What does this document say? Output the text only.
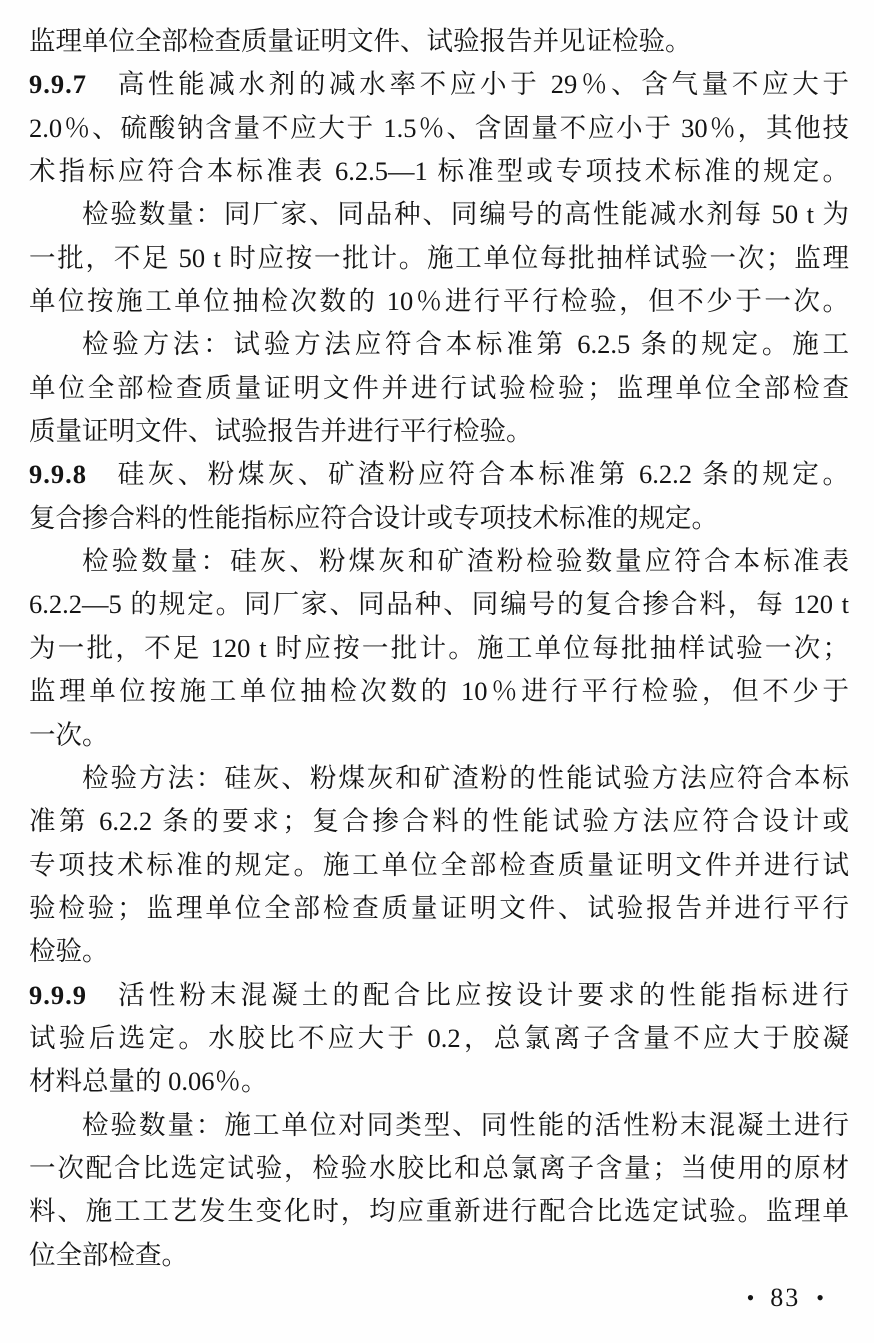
监理单位全部检查质量证明文件、试验报告并见证检验。
9.9.7 高性能减水剂的减水率不应小于 29％、含气量不应大于
2.0％、硫酸钠含量不应大于 1.5％、含固量不应小于 30％，其他技
术指标应符合本标准表 6.2.5—1 标准型或专项技术标准的规定。
检验数量：同厂家、同品种、同编号的高性能减水剂每 50 t 为
一批，不足 50 t 时应按一批计。施工单位每批抽样试验一次；监理
单位按施工单位抽检次数的 10％进行平行检验，但不少于一次。
检验方法：试验方法应符合本标准第 6.2.5 条的规定。施工
单位全部检查质量证明文件并进行试验检验；监理单位全部检查
质量证明文件、试验报告并进行平行检验。
9.9.8 硅灰、粉煤灰、矿渣粉应符合本标准第 6.2.2 条的规定。
复合掺合料的性能指标应符合设计或专项技术标准的规定。
检验数量：硅灰、粉煤灰和矿渣粉检验数量应符合本标准表
6.2.2—5 的规定。同厂家、同品种、同编号的复合掺合料，每 120 t
为一批，不足 120 t 时应按一批计。施工单位每批抽样试验一次；
监理单位按施工单位抽检次数的 10％进行平行检验，但不少于
一次。
检验方法：硅灰、粉煤灰和矿渣粉的性能试验方法应符合本标
准第 6.2.2 条的要求；复合掺合料的性能试验方法应符合设计或
专项技术标准的规定。施工单位全部检查质量证明文件并进行试
验检验；监理单位全部检查质量证明文件、试验报告并进行平行
检验。
9.9.9 活性粉末混凝土的配合比应按设计要求的性能指标进行
试验后选定。水胶比不应大于 0.2，总氯离子含量不应大于胶凝
材料总量的 0.06％。
检验数量：施工单位对同类型、同性能的活性粉末混凝土进行
一次配合比选定试验，检验水胶比和总氯离子含量；当使用的原材
料、施工工艺发生变化时，均应重新进行配合比选定试验。监理单
位全部检查。
• 83 •
